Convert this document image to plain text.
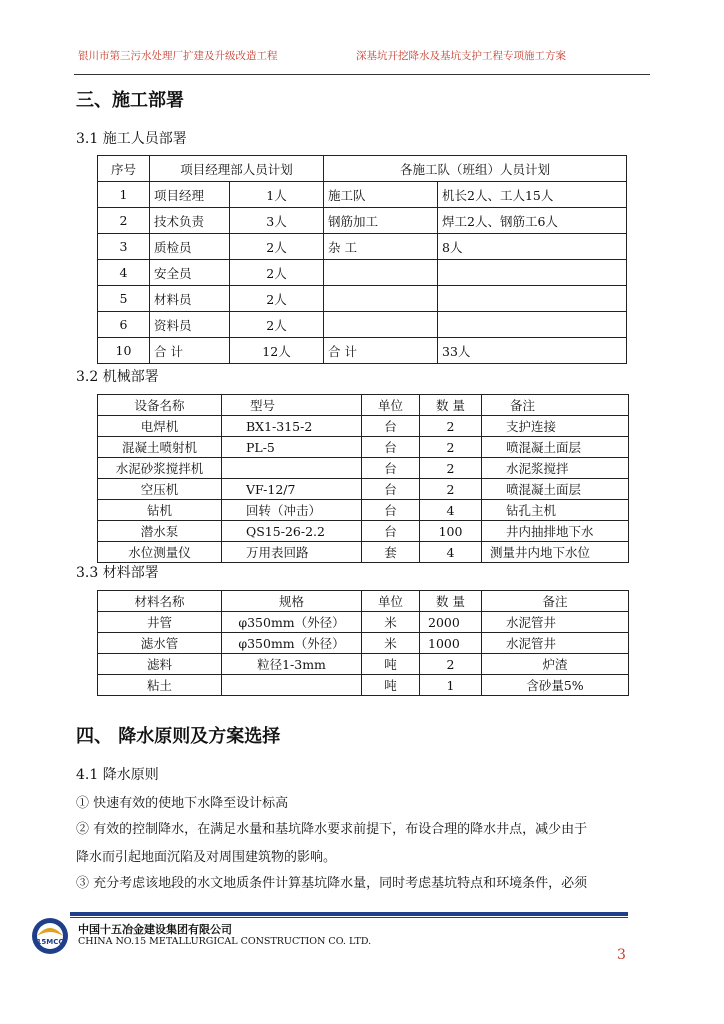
银川市第三污水处理厂扩建及升级改造工程	深基坑开挖降水及基坑支护工程专项施工方案
三、施工部署
3.1 施工人员部署
序号	项目经理部人员计划		各施工队（班组）人员计划	
1	项目经理	1人	施工队	机长2人、工人15人
2	技术负责	3人	钢筋加工	焊工2人、钢筋工6人
3	质检员	2人	杂 工	8人
4	安全员	2人		
5	材料员	2人		
6	资料员	2人		
10	合 计	12人	合 计	33人
3.2 机械部署
设备名称	型号	单位	数 量	备注
电焊机	BX1-315-2	台	2	支护连接
混凝土喷射机	PL-5	台	2	喷混凝土面层
水泥砂浆搅拌机		台	2	水泥浆搅拌
空压机	VF-12/7	台	2	喷混凝土面层
钻机	回转（冲击）	台	4	钻孔主机
潜水泵	QS15-26-2.2	台	100	井内抽排地下水
水位测量仪	万用表回路	套	4	测量井内地下水位
3.3 材料部署
材料名称	规格	单位	数 量	备注
井管	φ350mm（外径）	米	2000	水泥管井
滤水管	φ350mm（外径）	米	1000	水泥管井
滤料	粒径1-3mm	吨	2	炉渣
粘土		吨	1	含砂量5%
四、 降水原则及方案选择
4.1 降水原则
① 快速有效的使地下水降至设计标高
② 有效的控制降水，在满足水量和基坑降水要求前提下，布设合理的降水井点，减少由于
降水而引起地面沉陷及对周围建筑物的影响。
③ 充分考虑该地段的水文地质条件计算基坑降水量，同时考虑基坑特点和环境条件，必须
15MCC
中国十五冶金建设集团有限公司
CHINA NO.15 METALLURGICAL CONSTRUCTION CO. LTD.
3
